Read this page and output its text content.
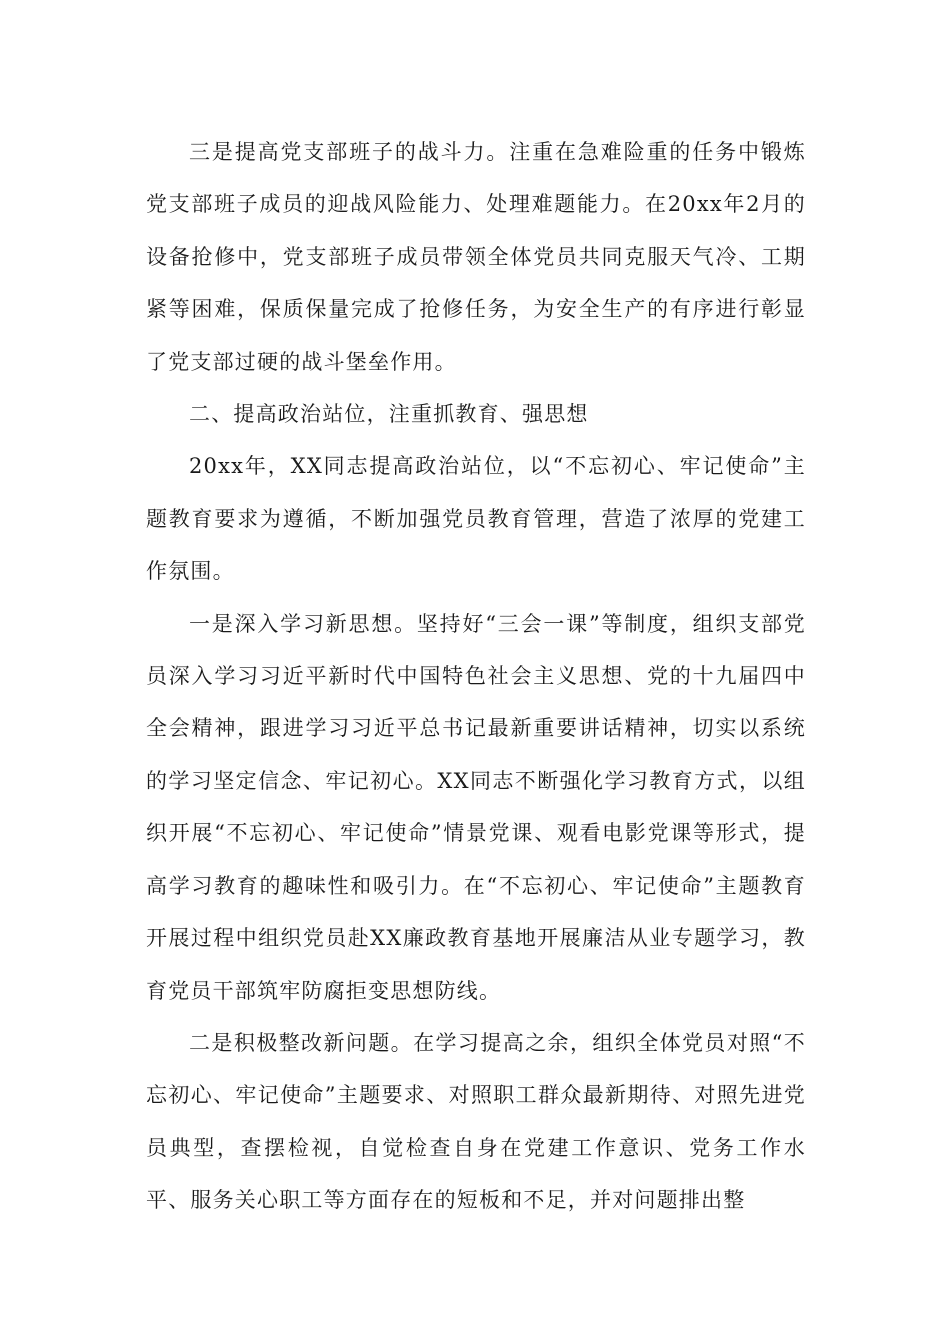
三是提高党支部班子的战斗力。注重在急难险重的任务中锻炼党支部班子成员的迎战风险能力、处理难题能力。在20xx年2月的设备抢修中，党支部班子成员带领全体党员共同克服天气冷、工期紧等困难，保质保量完成了抢修任务，为安全生产的有序进行彰显了党支部过硬的战斗堡垒作用。

二、提高政治站位，注重抓教育、强思想

20xx年，XX同志提高政治站位，以“不忘初心、牢记使命”主题教育要求为遵循，不断加强党员教育管理，营造了浓厚的党建工作氛围。

一是深入学习新思想。坚持好“三会一课”等制度，组织支部党员深入学习习近平新时代中国特色社会主义思想、党的十九届四中全会精神，跟进学习习近平总书记最新重要讲话精神，切实以系统的学习坚定信念、牢记初心。XX同志不断强化学习教育方式，以组织开展“不忘初心、牢记使命”情景党课、观看电影党课等形式，提高学习教育的趣味性和吸引力。在“不忘初心、牢记使命”主题教育开展过程中组织党员赴XX廉政教育基地开展廉洁从业专题学习，教育党员干部筑牢防腐拒变思想防线。

二是积极整改新问题。在学习提高之余，组织全体党员对照“不忘初心、牢记使命”主题要求、对照职工群众最新期待、对照先进党员典型，查摆检视，自觉检查自身在党建工作意识、党务工作水平、服务关心职工等方面存在的短板和不足，并对问题排出整
